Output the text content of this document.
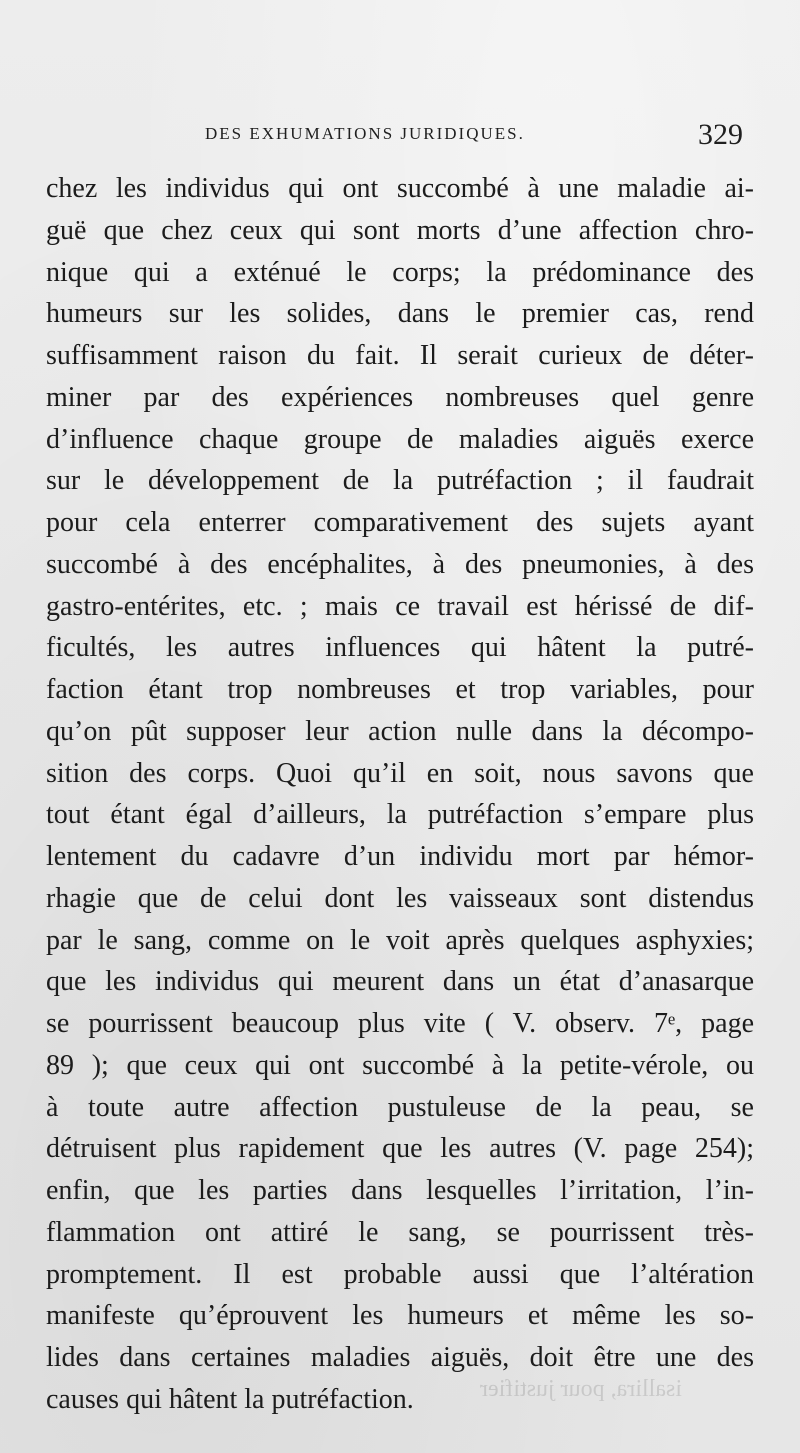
DES EXHUMATIONS JURIDIQUES.	329
chez les individus qui ont succombé à une maladie ai-
guë que chez ceux qui sont morts d’une affection chro-
nique qui a exténué le corps; la prédominance des
humeurs sur les solides, dans le premier cas, rend
suffisamment raison du fait. Il serait curieux de déter-
miner par des expériences nombreuses quel genre
d’influence chaque groupe de maladies aiguës exerce
sur le développement de la putréfaction ; il faudrait
pour cela enterrer comparativement des sujets ayant
succombé à des encéphalites, à des pneumonies, à des
gastro-entérites, etc. ; mais ce travail est hérissé de dif-
ficultés, les autres influences qui hâtent la putré-
faction étant trop nombreuses et trop variables, pour
qu’on pût supposer leur action nulle dans la décompo-
sition des corps. Quoi qu’il en soit, nous savons que
tout étant égal d’ailleurs, la putréfaction s’empare plus
lentement du cadavre d’un individu mort par hémor-
rhagie que de celui dont les vaisseaux sont distendus
par le sang, comme on le voit après quelques asphyxies;
que les individus qui meurent dans un état d’anasarque
se pourrissent beaucoup plus vite ( V. observ. 7ᵉ, page
89 ); que ceux qui ont succombé à la petite-vérole, ou
à toute autre affection pustuleuse de la peau, se
détruisent plus rapidement que les autres (V. page 254);
enfin, que les parties dans lesquelles l’irritation, l’in-
flammation ont attiré le sang, se pourrissent très-
promptement. Il est probable aussi que l’altération
manifeste qu’éprouvent les humeurs et même les so-
lides dans certaines maladies aiguës, doit être une des
causes qui hâtent la putréfaction.	isallira, pour justifier
